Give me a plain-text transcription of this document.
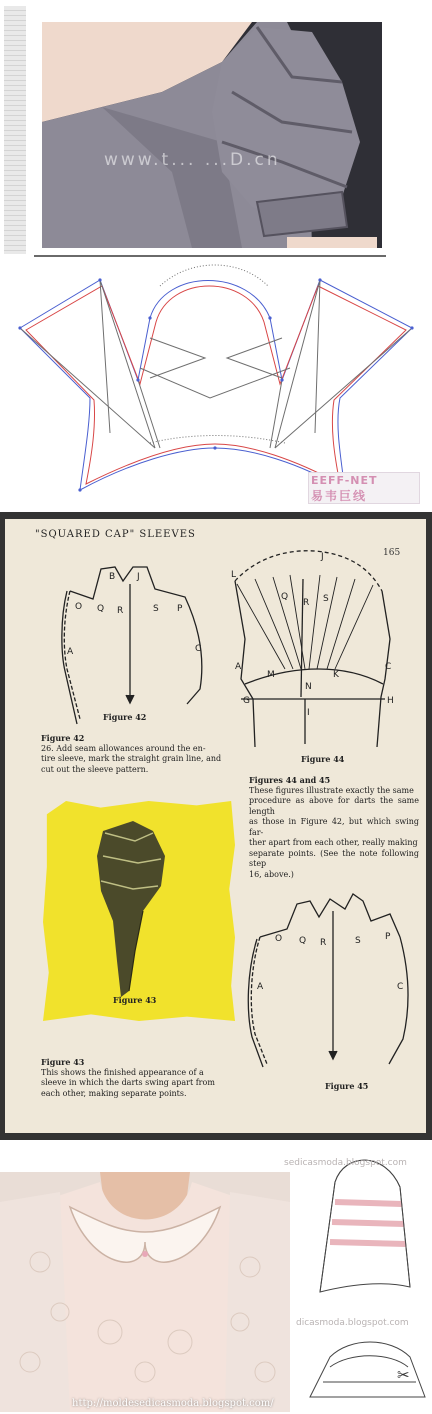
www.t... ...D.cn
EEFF-NET
易韦巨线
"SQUARED CAP" SLEEVES
165
O Q
B J
R	S P
A	C
L
Q
R S
J
A
M
N
K
C
G	H
I
O Q R	S	P
A	C
Figure 42
Figure 44
Figure 42
26. Add seam allowances around the en-
tire sleeve, mark the straight grain line, and
cut out the sleeve pattern.
Figures 44 and 45
These figures illustrate exactly the same
procedure as above for darts the same length
as those in Figure 42, but which swing far-
ther apart from each other, really making
separate points. (See the note following step
16, above.)
Figure 43
Figure 43
This shows the finished appearance of a
sleeve in which the darts swing apart from
each other, making separate points.
Figure 45
http://moldesedicasmoda.blogspot.com/
sedicasmoda.blogspot.com
dicasmoda.blogspot.com
✂
